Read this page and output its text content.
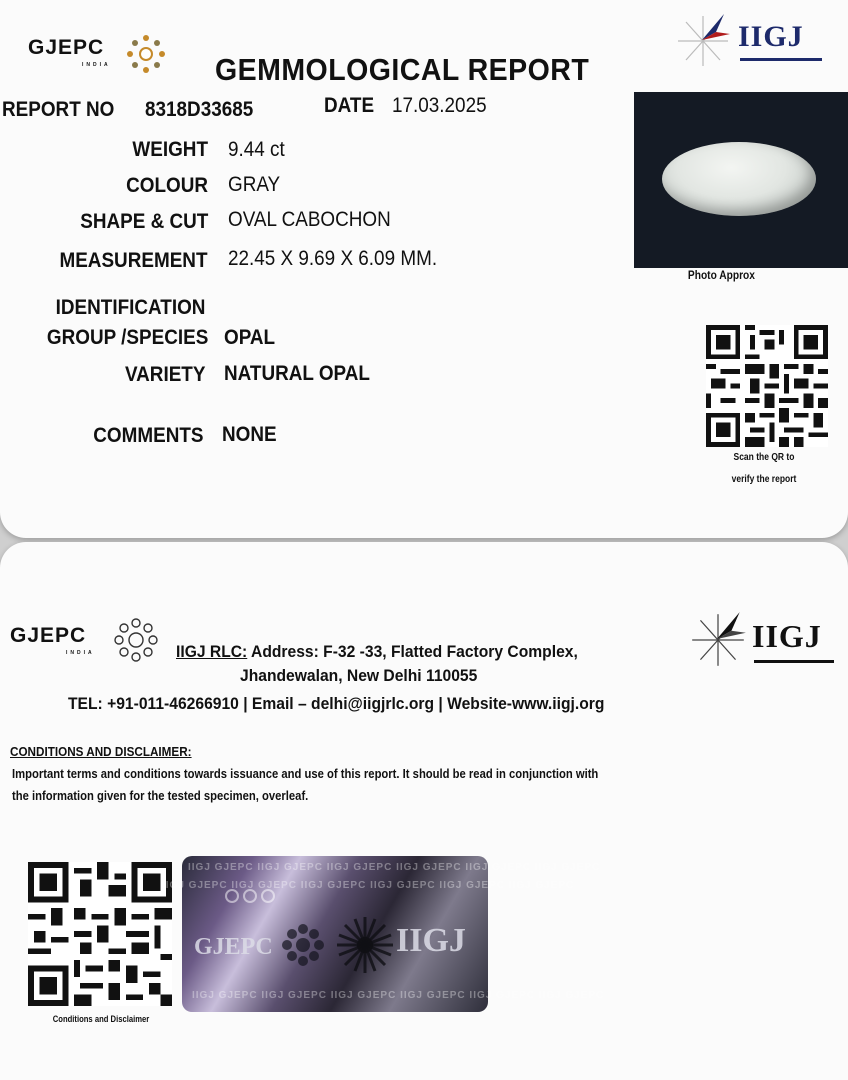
GJEPC
INDIA
IIGJ
GEMMOLOGICAL REPORT
REPORT NO 8318D33685	DATE 17.03.2025
WEIGHT 9.44 ct
COLOUR GRAY
SHAPE & CUT OVAL CABOCHON
MEASUREMENT 22.45 X 9.69 X 6.09 MM.
IDENTIFICATION
GROUP /SPECIES OPAL
VARIETY NATURAL OPAL
COMMENTS NONE
Photo Approx
Scan the QR to
verify the report
GJEPC
INDIA	IIGJ
IIGJ RLC: Address: F-32 -33, Flatted Factory Complex,
Jhandewalan, New Delhi 110055
TEL: +91-011-46266910 | Email – delhi@iigjrlc.org | Website-www.iigj.org
CONDITIONS AND DISCLAIMER:
Important terms and conditions towards issuance and use of this report. It should be read in conjunction with
the information given for the tested specimen, overleaf.
Conditions and Disclaimer
IIGJ GJEPC IIGJ GJEPC IIGJ GJEPC IIGJ GJEPC IIGJ GJEPC IIGJ GJEPC
IIGJ GJEPC IIGJ GJEPC IIGJ GJEPC IIGJ GJEPC IIGJ GJEPC IIGJ GJEPC
IIGJ GJEPC IIGJ GJEPC IIGJ GJEPC IIGJ GJEPC IIGJ GJEPC IIGJ GJEPC
GJEPC	IIGJ
